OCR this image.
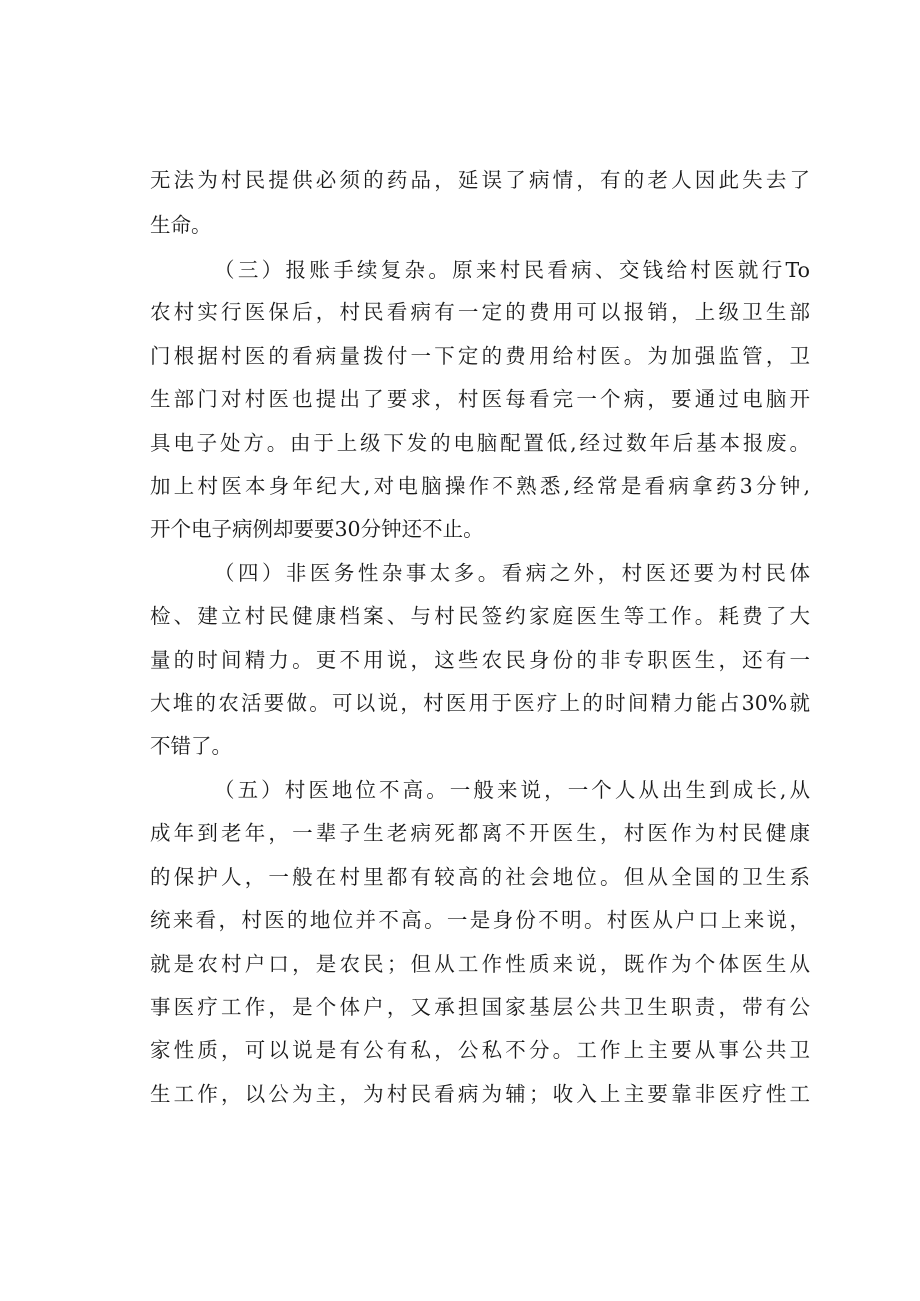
无法为村民提供必须的药品，延误了病情，有的老人因此失去了
生命。
（三）报账手续复杂。原来村民看病、交钱给村医就行To
农村实行医保后，村民看病有一定的费用可以报销，上级卫生部
门根据村医的看病量拨付一下定的费用给村医。为加强监管，卫
生部门对村医也提出了要求，村医每看完一个病，要通过电脑开
具电子处方。由于上级下发的电脑配置低,经过数年后基本报废。
加上村医本身年纪大,对电脑操作不熟悉,经常是看病拿药3分钟,
开个电子病例却要要30分钟还不止。
（四）非医务性杂事太多。看病之外，村医还要为村民体
检、建立村民健康档案、与村民签约家庭医生等工作。耗费了大
量的时间精力。更不用说，这些农民身份的非专职医生，还有一
大堆的农活要做。可以说，村医用于医疗上的时间精力能占30%就
不错了。
（五）村医地位不高。一般来说，一个人从出生到成长,从
成年到老年，一辈子生老病死都离不开医生，村医作为村民健康
的保护人，一般在村里都有较高的社会地位。但从全国的卫生系
统来看，村医的地位并不高。一是身份不明。村医从户口上来说，
就是农村户口，是农民；但从工作性质来说，既作为个体医生从
事医疗工作，是个体户，又承担国家基层公共卫生职责，带有公
家性质，可以说是有公有私，公私不分。工作上主要从事公共卫
生工作，以公为主，为村民看病为辅；收入上主要靠非医疗性工
